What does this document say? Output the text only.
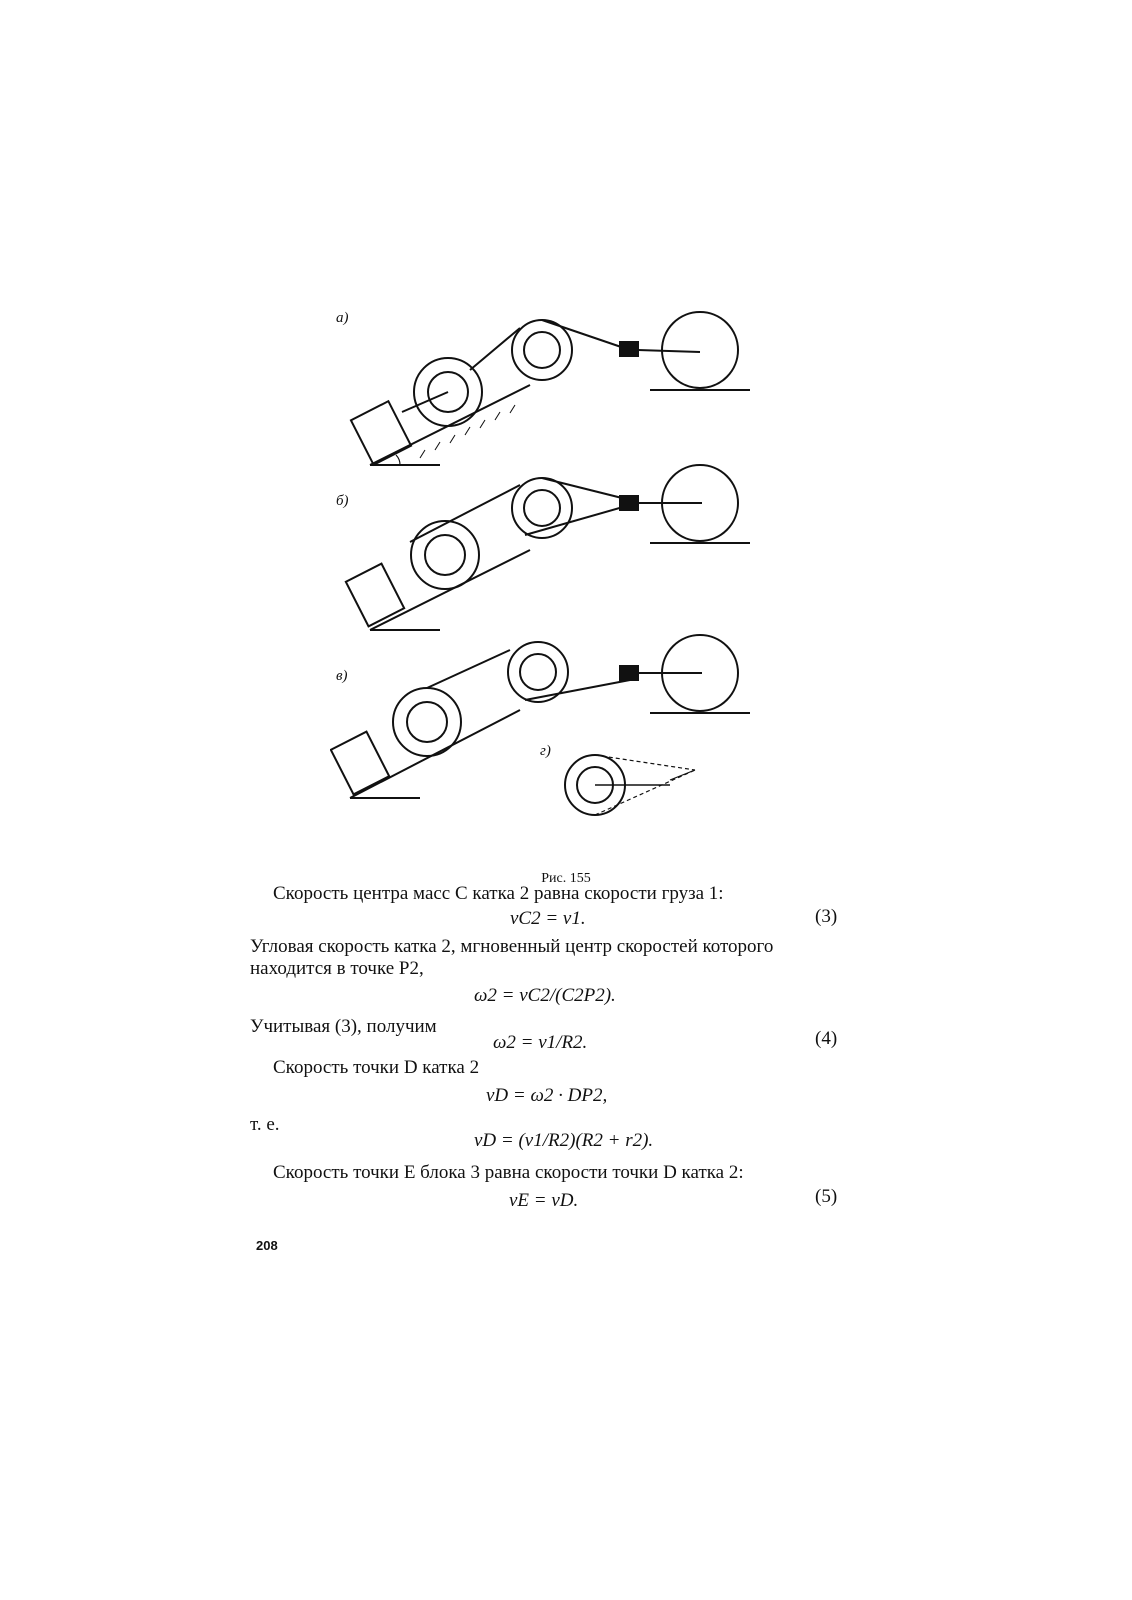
а)
б)
в)
г)
Рис. 155
Скорость центра масс C катка 2 равна скорости груза 1:
vC2 = v1.	(3)
Угловая скорость катка 2, мгновенный центр скоростей которого
находится в точке P2,
ω2 = vC2/(C2P2).
Учитывая (3), получим
ω2 = v1/R2.	(4)
Скорость точки D катка 2
vD = ω2 · DP2,
т. е.
vD = (v1/R2)(R2 + r2).
Скорость точки E блока 3 равна скорости точки D катка 2:
vE = vD.	(5)
208
